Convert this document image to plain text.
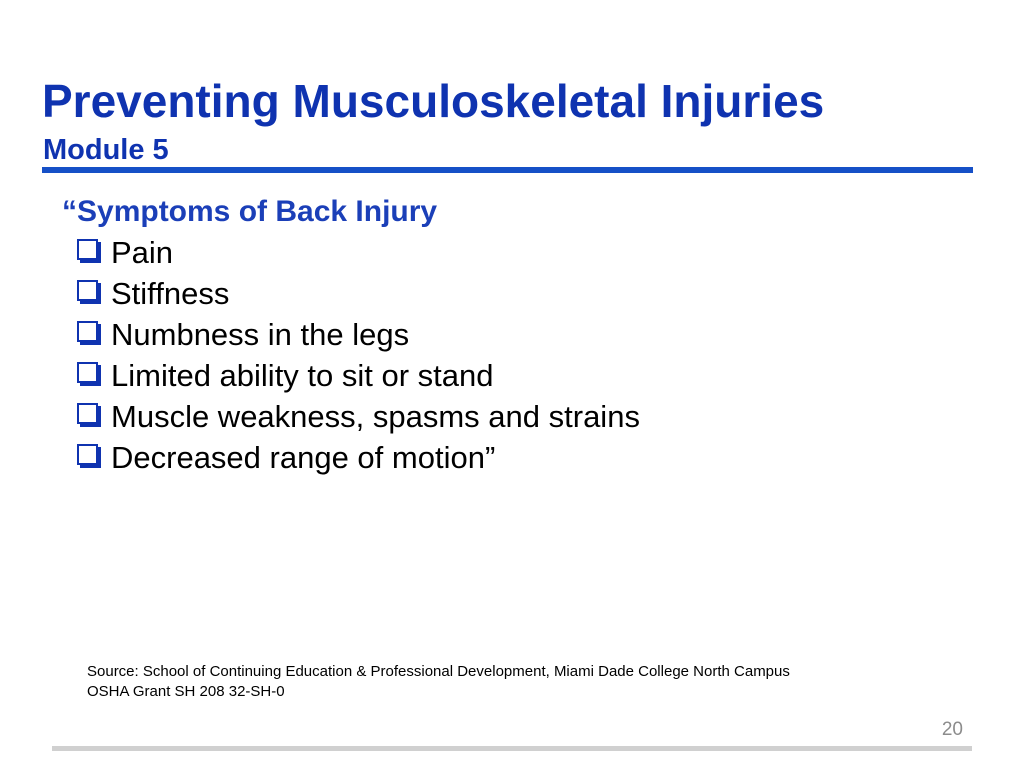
Preventing Musculoskeletal Injuries
Module 5
“Symptoms of Back Injury
Pain
Stiffness
Numbness in the legs
Limited ability to sit or stand
Muscle weakness, spasms and strains
Decreased range of motion”
Source: School of Continuing Education & Professional Development, Miami Dade College North Campus
OSHA Grant SH 208 32-SH-0
20
